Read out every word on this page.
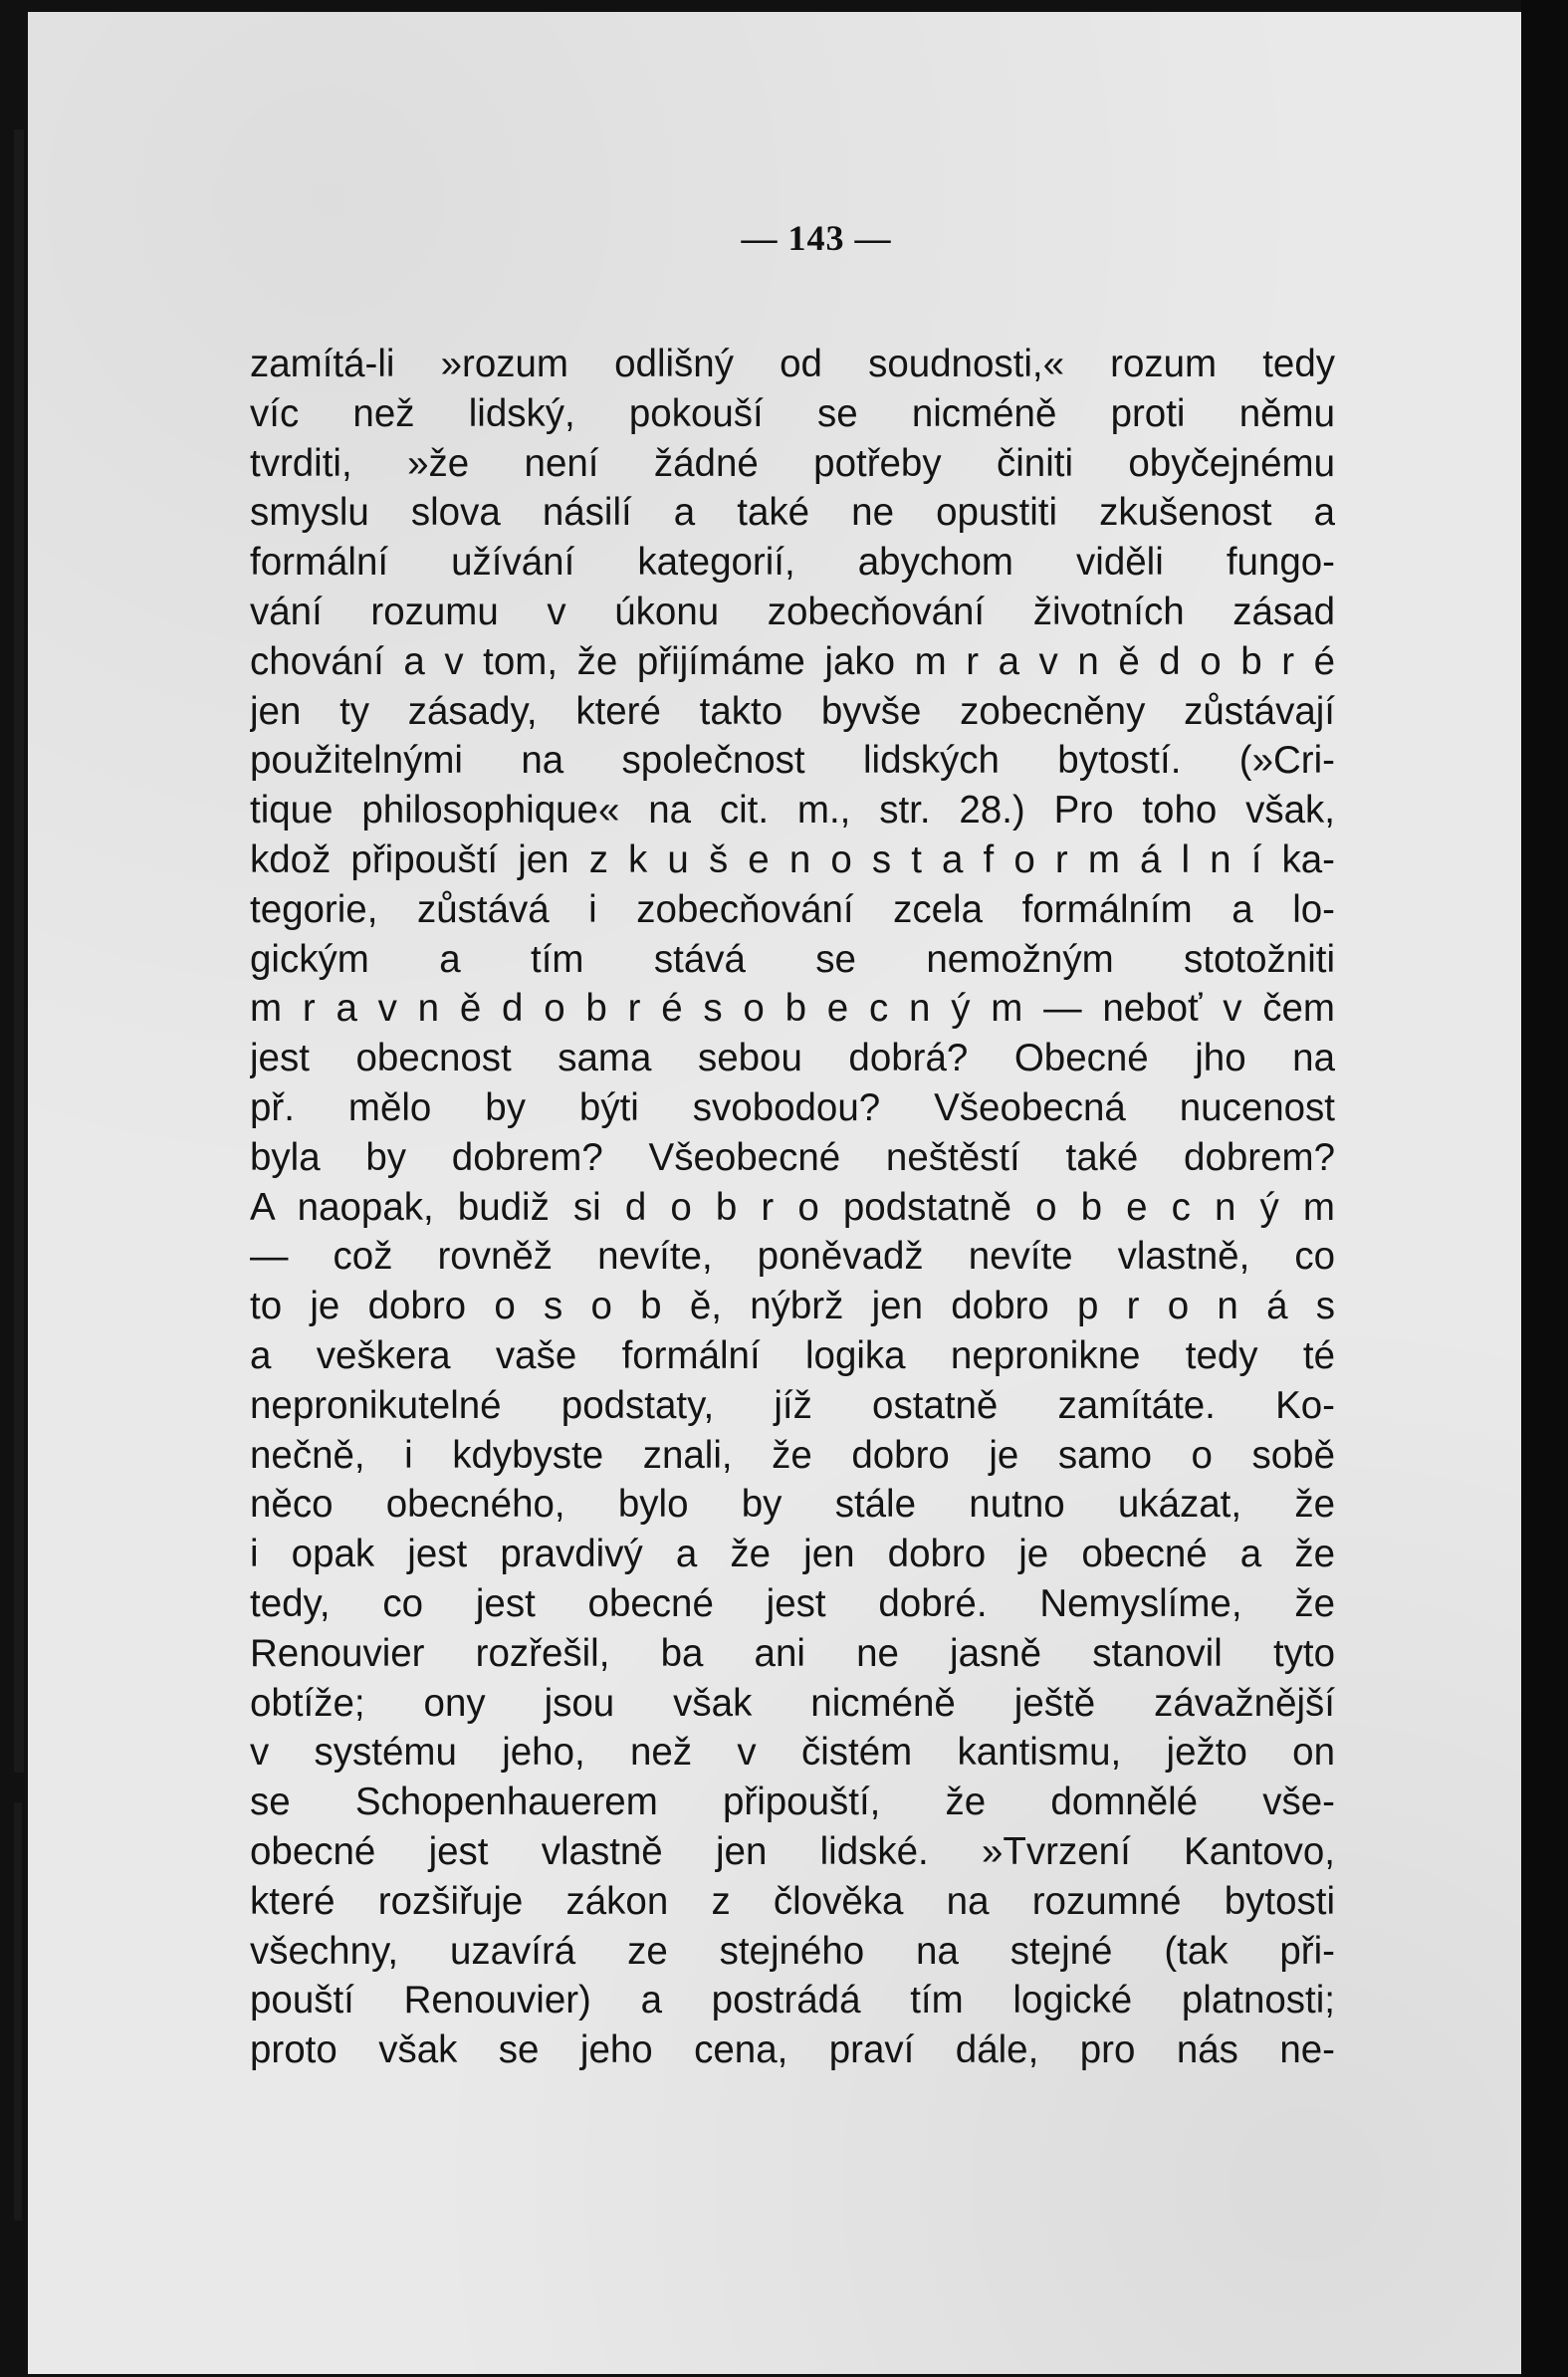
— 143 —
zamítá-li »rozum odlišný od soudnosti,« rozum tedy
víc než lidský, pokouší se nicméně proti němu
tvrditi, »že není žádné potřeby činiti obyčejnému
smyslu slova násilí a také ne opustiti zkušenost a
formální užívání kategorií, abychom viděli fungo-
vání rozumu v úkonu zobecňování životních zásad
chování a v tom, že přijímáme jako m r a v n ě d o b r é
jen ty zásady, které takto byvše zobecněny zůstávají
použitelnými na společnost lidských bytostí. (»Cri-
tique philosophique« na cit. m., str. 28.) Pro toho však,
kdož připouští jen z k u š e n o s t a f o r m á l n í ka-
tegorie, zůstává i zobecňování zcela formálním a lo-
gickým a tím stává se nemožným stotožniti
m r a v n ě d o b r é s o b e c n ý m — neboť v čem
jest obecnost sama sebou dobrá? Obecné jho na
př. mělo by býti svobodou? Všeobecná nucenost
byla by dobrem? Všeobecné neštěstí také dobrem?
A naopak, budiž si d o b r o podstatně o b e c n ý m
— což rovněž nevíte, poněvadž nevíte vlastně, co
to je dobro o s o b ě, nýbrž jen dobro p r o n á s
a veškera vaše formální logika nepronikne tedy té
nepronikutelné podstaty, jíž ostatně zamítáte. Ko-
nečně, i kdybyste znali, že dobro je samo o sobě
něco obecného, bylo by stále nutno ukázat, že
i opak jest pravdivý a že jen dobro je obecné a že
tedy, co jest obecné jest dobré. Nemyslíme, že
Renouvier rozřešil, ba ani ne jasně stanovil tyto
obtíže; ony jsou však nicméně ještě závažnější
v systému jeho, než v čistém kantismu, ježto on
se Schopenhauerem připouští, že domnělé vše-
obecné jest vlastně jen lidské. »Tvrzení Kantovo,
které rozšiřuje zákon z člověka na rozumné bytosti
všechny, uzavírá ze stejného na stejné (tak při-
pouští Renouvier) a postrádá tím logické platnosti;
proto však se jeho cena, praví dále, pro nás ne-
